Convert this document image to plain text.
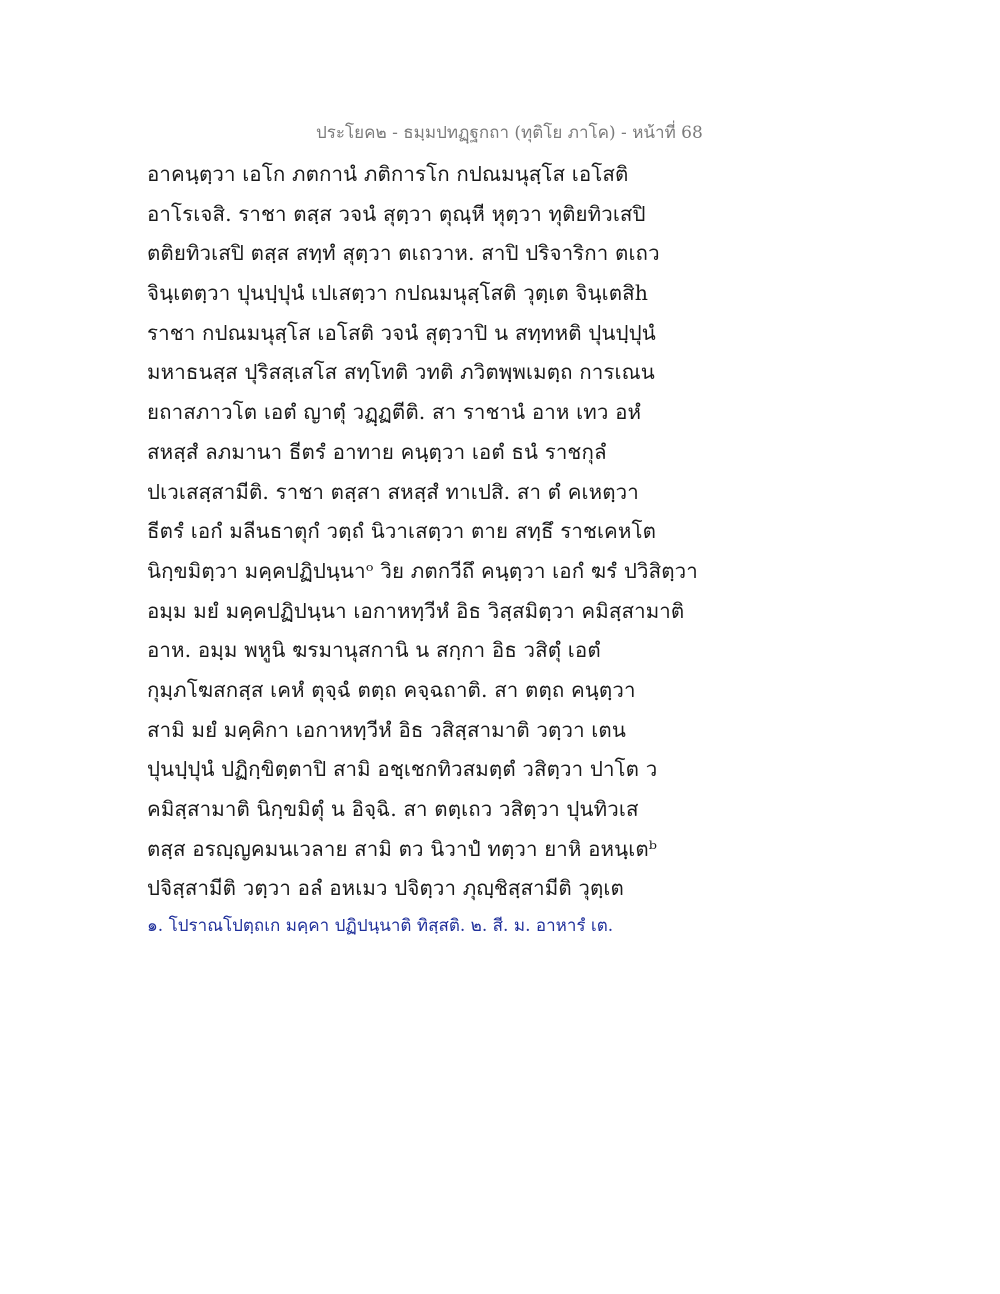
ประโยค๒ - ธมฺมปทฏฺฐกถา (ทุติโย ภาโค) - หน้าที่ 68
อาคนฺตฺวา เอโก ภตกานํ ภติการโก กปณมนุสฺโส เอโสติ
อาโรเจสิ. ราชา ตสฺส วจนํ สุตฺวา ตุณฺหี หุตฺวา ทุติยทิวเสปิ
ตติยทิวเสปิ ตสฺส สทฺทํ สุตฺวา ตเถวาห. สาปิ ปริจาริกา ตเถว
จินฺเตตฺวา ปุนปฺปุนํ เปเสตฺวา กปณมนุสฺโสติ วุตฺเต จินฺเตสิh
ราชา กปณมนุสฺโส เอโสติ วจนํ สุตฺวาปิ น สทฺทหติ ปุนปฺปุนํ
มหาธนสฺส ปุริสสฺเสโส สทฺโทติ วทติ ภวิตพฺพเมตฺถ การเณน
ยถาสภาวโต เอตํ ญาตุํ วฏฺฏตีติ. สา ราชานํ อาห เทว อหํ
สหสฺสํ ลภมานา ธีตรํ อาทาย คนฺตฺวา เอตํ ธนํ ราชกุลํ
ปเวเสสฺสามีติ. ราชา ตสฺสา สหสฺสํ ทาเปสิ. สา ตํ คเหตฺวา
ธีตรํ เอกํ มลีนธาตุกํ วตฺถํ นิวาเสตฺวา ตาย สทฺธึ ราชเคหโต
นิกฺขมิตฺวา มคฺคปฏิปนฺนาᵒ วิย ภตกวีถึ คนฺตฺวา เอกํ ฆรํ ปวิสิตฺวา
อมฺม มยํ มคฺคปฏิปนฺนา เอกาหทฺวีหํ อิธ วิสฺสมิตฺวา คมิสฺสามาติ
อาห. อมฺม พหูนิ ฆรมานุสกานิ น สกฺกา อิธ วสิตุํ เอตํ
กุมฺภโฆสกสฺส เคหํ ตุจฺฉํ ตตฺถ คจฺฉถาติ. สา ตตฺถ คนฺตฺวา
สามิ มยํ มคฺคิกา เอกาหทฺวีหํ อิธ วสิสฺสามาติ วตฺวา เตน
ปุนปฺปุนํ ปฏิกฺขิตฺตาปิ สามิ อชฺเชกทิวสมตฺตํ วสิตฺวา ปาโต ว
คมิสฺสามาติ นิกฺขมิตุํ น อิจฺฉิ. สา ตตฺเถว วสิตฺวา ปุนทิวเส
ตสฺส อรญฺญคมนเวลาย สามิ ตว นิวาปํ ทตฺวา ยาหิ อหนฺเตᵇ
ปจิสฺสามีติ วตฺวา อลํ อหเมว ปจิตฺวา ภุญฺชิสฺสามีติ วุตฺเต
๑. โปราณโปตฺถเก มคฺคา ปฏิปนฺนาติ ทิสฺสติ. ๒. สี. ม. อาหารํ เต.
